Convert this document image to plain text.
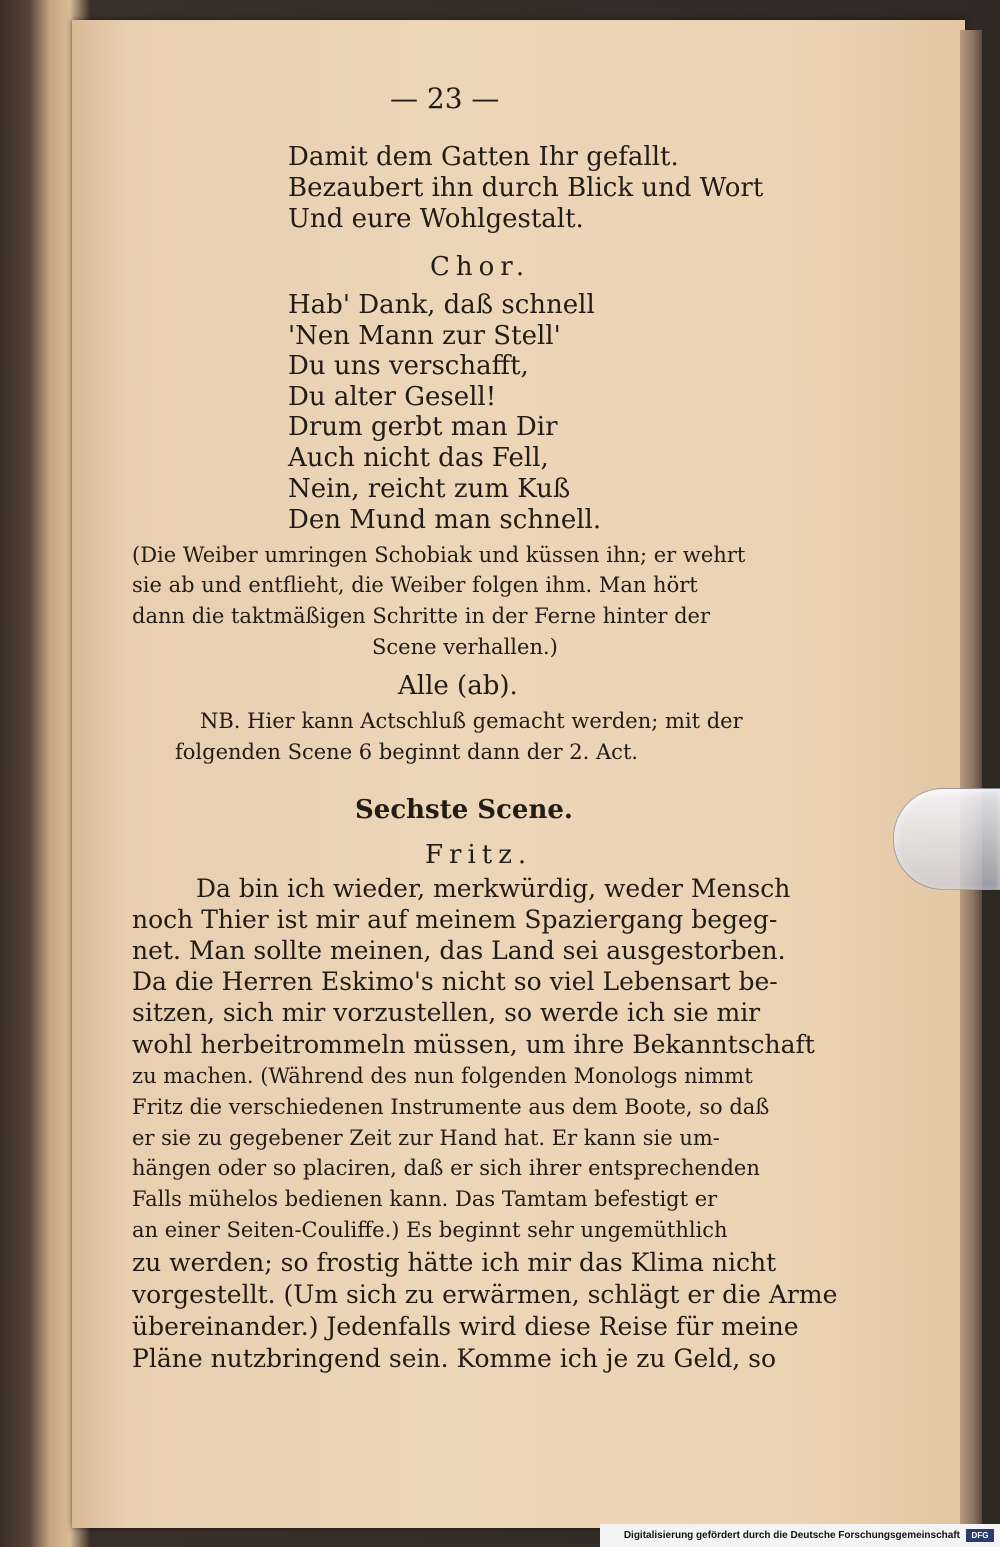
— 23 —
Damit dem Gatten Ihr gefallt.
Bezaubert ihn durch Blick und Wort
Und eure Wohlgestalt.
Chor.
Hab' Dank, daß schnell
'Nen Mann zur Stell'
Du uns verschafft,
Du alter Gesell!
Drum gerbt man Dir
Auch nicht das Fell,
Nein, reicht zum Kuß
Den Mund man schnell.
(Die Weiber umringen Schobiak und küssen ihn; er wehrt
sie ab und entflieht, die Weiber folgen ihm. Man hört
dann die taktmäßigen Schritte in der Ferne hinter der
Scene verhallen.)
Alle (ab).
NB. Hier kann Actschluß gemacht werden; mit der
folgenden Scene 6 beginnt dann der 2. Act.
Sechste Scene.
Fritz.
Da bin ich wieder, merkwürdig, weder Mensch
noch Thier ist mir auf meinem Spaziergang begeg-
net. Man sollte meinen, das Land sei ausgestorben.
Da die Herren Eskimo's nicht so viel Lebensart be-
sitzen, sich mir vorzustellen, so werde ich sie mir
wohl herbeitrommeln müssen, um ihre Bekanntschaft
zu machen. (Während des nun folgenden Monologs nimmt
Fritz die verschiedenen Instrumente aus dem Boote, so daß
er sie zu gegebener Zeit zur Hand hat. Er kann sie um-
hängen oder so placiren, daß er sich ihrer entsprechenden
Falls mühelos bedienen kann. Das Tamtam befestigt er
an einer Seiten-Couliffe.) Es beginnt sehr ungemüthlich
zu werden; so frostig hätte ich mir das Klima nicht
vorgestellt. (Um sich zu erwärmen, schlägt er die Arme
übereinander.) Jedenfalls wird diese Reise für meine
Pläne nutzbringend sein. Komme ich je zu Geld, so
Digitalisierung gefördert durch die Deutsche Forschungsgemeinschaft	DFG
